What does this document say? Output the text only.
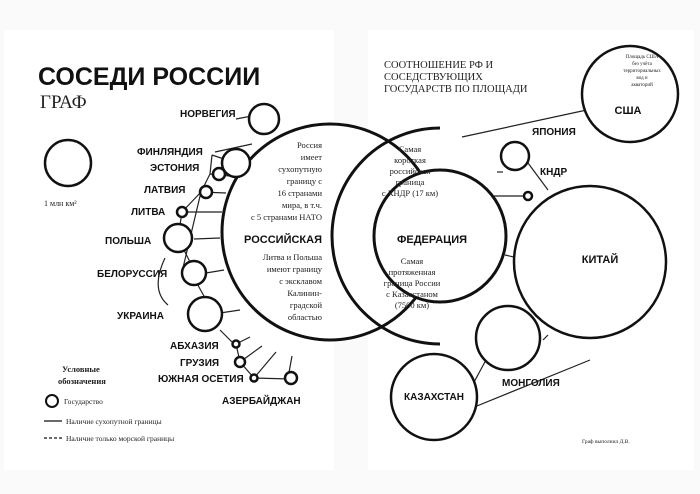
СОСЕДИ РОССИИ
ГРАФ
1 млн км²
НОРВЕГИЯ
ФИНЛЯНДИЯ
ЭСТОНИЯ
ЛАТВИЯ
ЛИТВА
ПОЛЬША
БЕЛОРУССИЯ
УКРАИНА
АБХАЗИЯ
ГРУЗИЯ
ЮЖНАЯ ОСЕТИЯ
АЗЕРБАЙДЖАН
Россия
имеет
сухопутную
границу с
16 странами
мира, в т.ч.
с 5 странами НАТО
РОССИЙСКАЯ
Литва и Польша
имеют границу
с эксклавом
Калинин-
градской
областью
Условные
обозначения
Государство
Наличие сухопутной границы
Наличие только морской границы
СООТНОШЕНИЕ РФ И
СОСЕДСТВУЮЩИХ
ГОСУДАРСТВ ПО ПЛОЩАДИ
ФЕДЕРАЦИЯ
Самая
короткая
российская
граница
с КНДР (17 км)
Самая
протяженная
граница России
с Казахстаном
(7500 км)
Площадь США
без учёта
территориальных
вод и
акваторий
США
ЯПОНИЯ
КНДР
КИТАЙ
МОНГОЛИЯ
КАЗАХСТАН
Граф выполнил Д.В.
